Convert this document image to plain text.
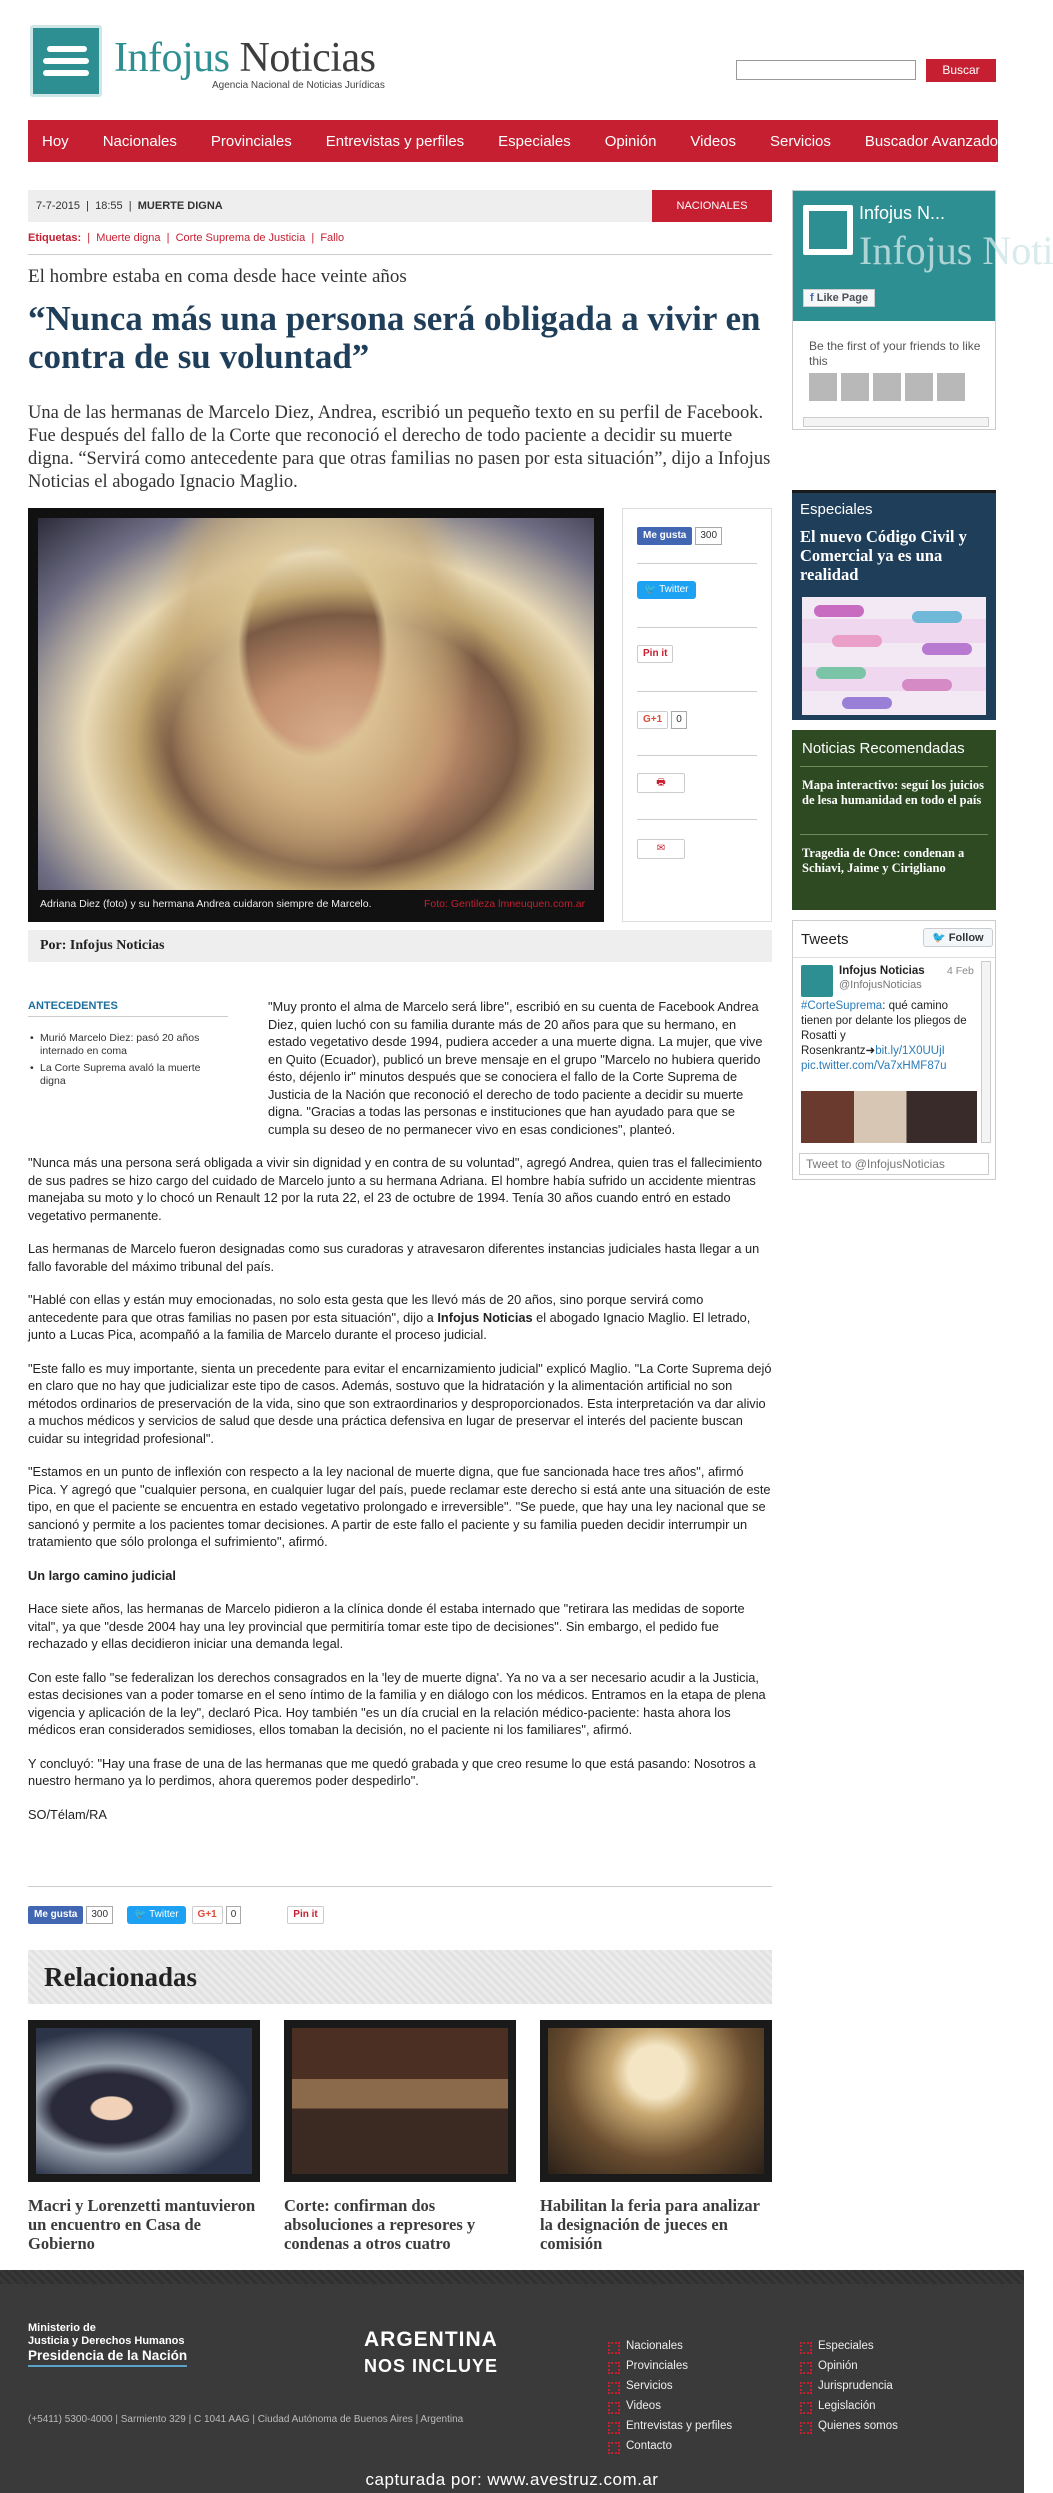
Infojus Noticias
Agencia Nacional de Noticias Jurídicas
Buscar
Hoy Nacionales Provinciales Entrevistas y perfiles Especiales Opinión Videos Servicios Buscador Avanzado
7-7-2015  |  18:55  |  MUERTE DIGNA	NACIONALES
Etiquetas:  |  Muerte digna  |  Corte Suprema de Justicia  |  Fallo
El hombre estaba en coma desde hace veinte años
“Nunca más una persona será obligada a vivir en contra de su voluntad”
Una de las hermanas de Marcelo Diez, Andrea, escribió un pequeño texto en su perfil de Facebook. Fue después del fallo de la Corte que reconoció el derecho de todo paciente a decidir su muerte digna. “Servirá como antecedente para que otras familias no pasen por esta situación”, dijo a Infojus Noticias el abogado Ignacio Maglio.
Adriana Diez (foto) y su hermana Andrea cuidaron siempre de Marcelo.	Foto: Gentileza lmneuquen.com.ar
Me gusta 300
🐦 Twitter
Pin it
G+1 0
🖶
✉
Por: Infojus Noticias
ANTECEDENTES
• Murió Marcelo Diez: pasó 20 años internado en coma
• La Corte Suprema avaló la muerte digna

"Muy pronto el alma de Marcelo será libre", escribió en su cuenta de Facebook Andrea Diez, quien luchó con su familia durante más de 20 años para que su hermano, en estado vegetativo desde 1994, pudiera acceder a una muerte digna. La mujer, que vive en Quito (Ecuador), publicó un breve mensaje en el grupo "Marcelo no hubiera querido ésto, déjenlo ir" minutos después que se conociera el fallo de la Corte Suprema de Justicia de la Nación que reconoció el derecho de todo paciente a decidir su muerte digna. "Gracias a todas las personas e instituciones que han ayudado para que se cumpla su deseo de no permanecer vivo en esas condiciones", planteó.

"Nunca más una persona será obligada a vivir sin dignidad y en contra de su voluntad", agregó Andrea, quien tras el fallecimiento de sus padres se hizo cargo del cuidado de Marcelo junto a su hermana Adriana. El hombre había sufrido un accidente mientras manejaba su moto y lo chocó un Renault 12 por la ruta 22, el 23 de octubre de 1994. Tenía 30 años cuando entró en estado vegetativo permanente.

Las hermanas de Marcelo fueron designadas como sus curadoras y atravesaron diferentes instancias judiciales hasta llegar a un fallo favorable del máximo tribunal del país.

"Hablé con ellas y están muy emocionadas, no solo esta gesta que les llevó más de 20 años, sino porque servirá como antecedente para que otras familias no pasen por esta situación", dijo a Infojus Noticias el abogado Ignacio Maglio. El letrado, junto a Lucas Pica, acompañó a la familia de Marcelo durante el proceso judicial.

"Este fallo es muy importante, sienta un precedente para evitar el encarnizamiento judicial" explicó Maglio. "La Corte Suprema dejó en claro que no hay que judicializar este tipo de casos. Además, sostuvo que la hidratación y la alimentación artificial no son métodos ordinarios de preservación de la vida, sino que son extraordinarios y desproporcionados. Esta interpretación va dar alivio a muchos médicos y servicios de salud que desde una práctica defensiva en lugar de preservar el interés del paciente buscan cuidar su integridad profesional".

"Estamos en un punto de inflexión con respecto a la ley nacional de muerte digna, que fue sancionada hace tres años", afirmó Pica. Y agregó que "cualquier persona, en cualquier lugar del país, puede reclamar este derecho si está ante una situación de este tipo, en que el paciente se encuentra en estado vegetativo prolongado e irreversible". "Se puede, que hay una ley nacional que se sancionó y permite a los pacientes tomar decisiones. A partir de este fallo el paciente y su familia pueden decidir interrumpir un tratamiento que sólo prolonga el sufrimiento", afirmó.

Un largo camino judicial

Hace siete años, las hermanas de Marcelo pidieron a la clínica donde él estaba internado que "retirara las medidas de soporte vital", ya que "desde 2004 hay una ley provincial que permitiría tomar este tipo de decisiones". Sin embargo, el pedido fue rechazado y ellas decidieron iniciar una demanda legal.

Con este fallo "se federalizan los derechos consagrados en la 'ley de muerte digna'. Ya no va a ser necesario acudir a la Justicia, estas decisiones van a poder tomarse en el seno íntimo de la familia y en diálogo con los médicos. Entramos en la etapa de plena vigencia y aplicación de la ley", declaró Pica. Hoy también "es un día crucial en la relación médico-paciente: hasta ahora los médicos eran considerados semidioses, ellos tomaban la decisión, no el paciente ni los familiares", afirmó.

Y concluyó: "Hay una frase de una de las hermanas que me quedó grabada y que creo resume lo que está pasando: Nosotros a nuestro hermano ya lo perdimos, ahora queremos poder despedirlo".

SO/Télam/RA

Me gusta	300	🐦 Twitter	G+1	0	Pin it
Relacionadas
Macri y Lorenzetti mantuvieron un encuentro en Casa de Gobierno
Corte: confirman dos absoluciones a represores y condenas a otros cuatro
Habilitan la feria para analizar la designación de jueces en comisión
Infojus N...
Infojus Noti
f Like Page
Be the first of your friends to like this
Especiales
El nuevo Código Civil y Comercial ya es una realidad
Noticias Recomendadas
Mapa interactivo: seguí los juicios de lesa humanidad en todo el país
Tragedia de Once: condenan a Schiavi, Jaime y Cirigliano
Tweets	🐦 Follow
Infojus Noticias
@InfojusNoticias
4 Feb
#CorteSuprema: qué camino tienen por delante los pliegos de Rosatti y Rosenkrantz➜bit.ly/1X0UUjI
pic.twitter.com/Va7xHMF87u
Tweet to @InfojusNoticias
Ministerio de
Justicia y Derechos Humanos
Presidencia de la Nación
ARGENTINA
NOS INCLUYE
(+5411) 5300-4000 | Sarmiento 329 | C 1041 AAG | Ciudad Autónoma de Buenos Aires | Argentina
Nacionales
Provinciales
Servicios
Videos
Entrevistas y perfiles
Contacto
Especiales
Opinión
Jurisprudencia
Legislación
Quienes somos
capturada por: www.avestruz.com.ar
